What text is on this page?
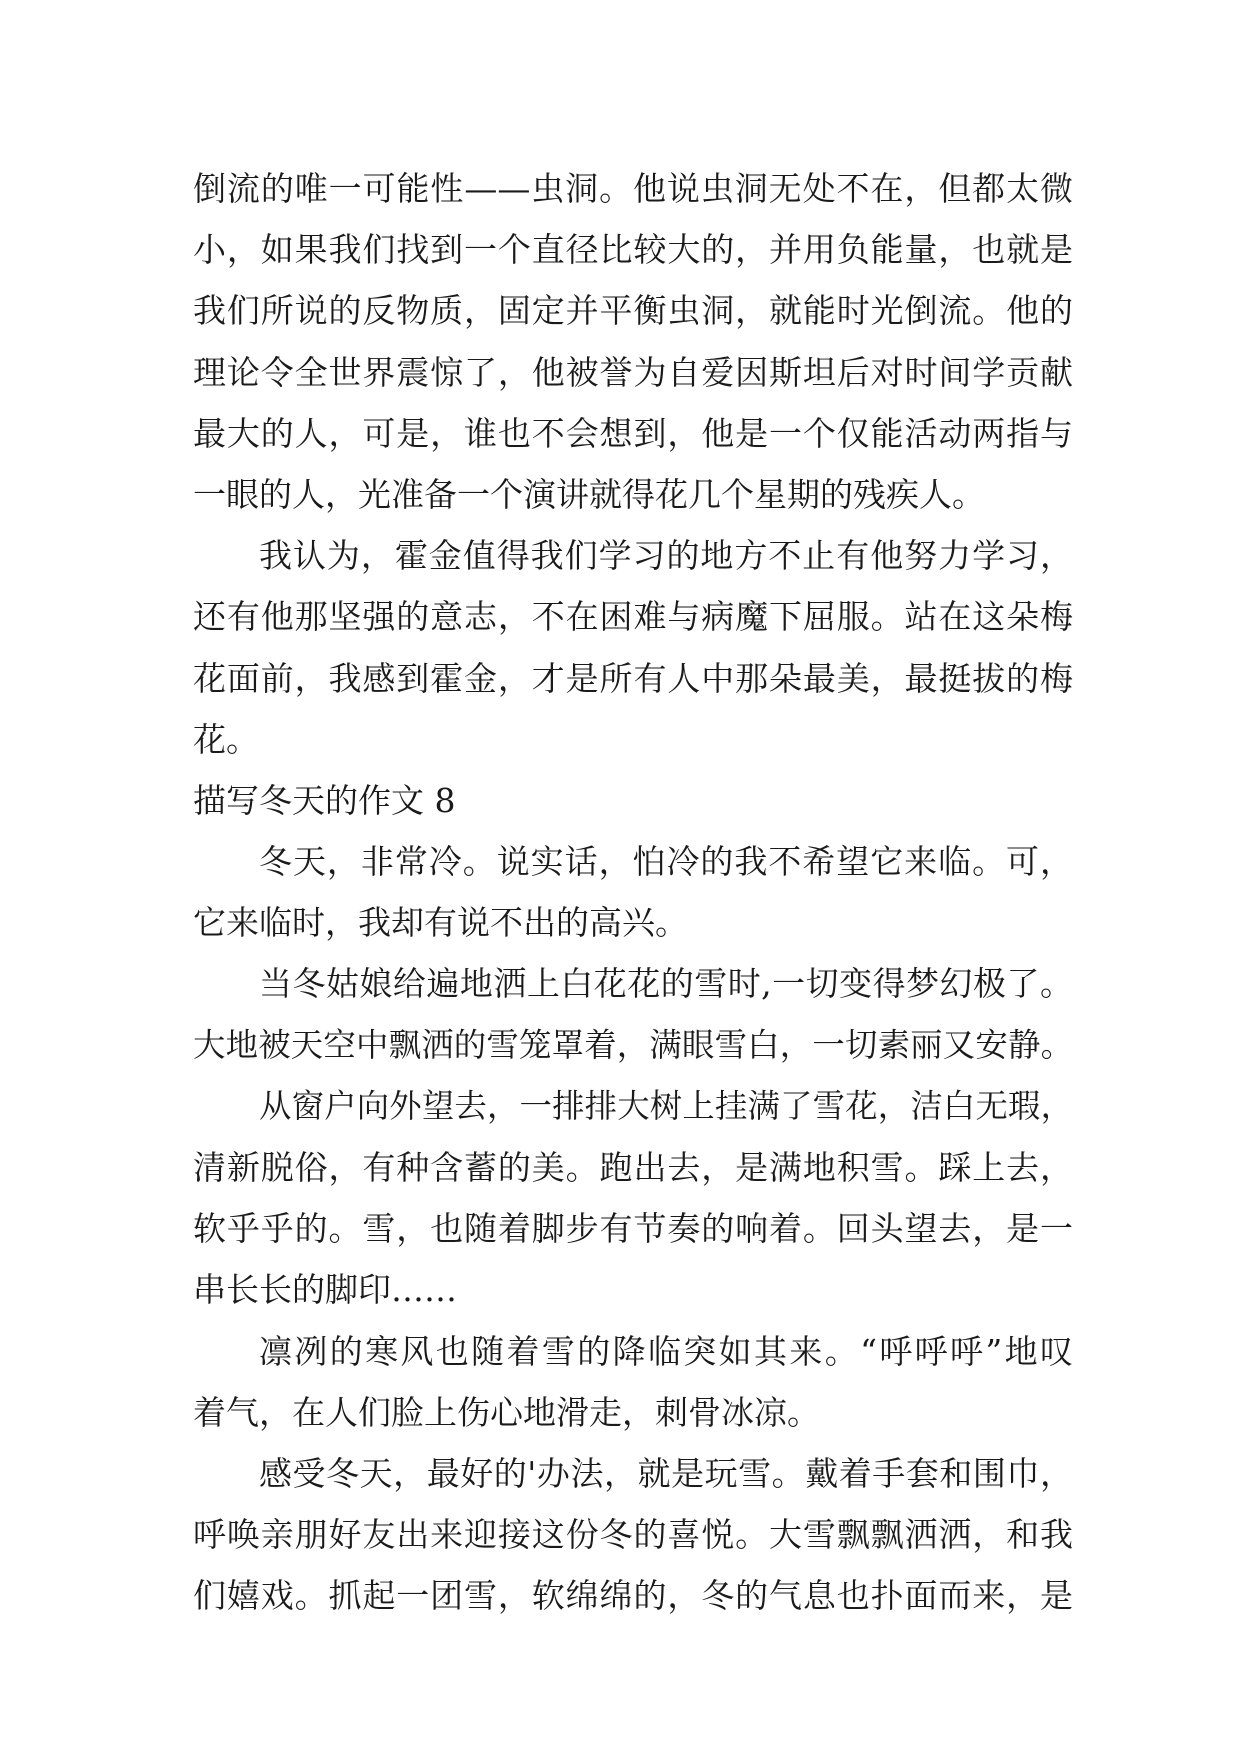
倒流的唯一可能性——虫洞。他说虫洞无处不在，但都太微
小，如果我们找到一个直径比较大的，并用负能量，也就是
我们所说的反物质，固定并平衡虫洞，就能时光倒流。他的
理论令全世界震惊了，他被誉为自爱因斯坦后对时间学贡献
最大的人，可是，谁也不会想到，他是一个仅能活动两指与
一眼的人，光准备一个演讲就得花几个星期的残疾人。
我认为，霍金值得我们学习的地方不止有他努力学习，
还有他那坚强的意志，不在困难与病魔下屈服。站在这朵梅
花面前，我感到霍金，才是所有人中那朵最美，最挺拔的梅
花。
描写冬天的作文 8
冬天，非常冷。说实话，怕冷的我不希望它来临。可，
它来临时，我却有说不出的高兴。
当冬姑娘给遍地洒上白花花的雪时,一切变得梦幻极了。
大地被天空中飘洒的雪笼罩着，满眼雪白，一切素丽又安静。
从窗户向外望去，一排排大树上挂满了雪花，洁白无瑕，
清新脱俗，有种含蓄的美。跑出去，是满地积雪。踩上去，
软乎乎的。雪，也随着脚步有节奏的响着。回头望去，是一
串长长的脚印……
凛冽的寒风也随着雪的降临突如其来。“呼呼呼”地叹
着气，在人们脸上伤心地滑走，刺骨冰凉。
感受冬天，最好的'办法，就是玩雪。戴着手套和围巾，
呼唤亲朋好友出来迎接这份冬的喜悦。大雪飘飘洒洒，和我
们嬉戏。抓起一团雪，软绵绵的，冬的气息也扑面而来，是
